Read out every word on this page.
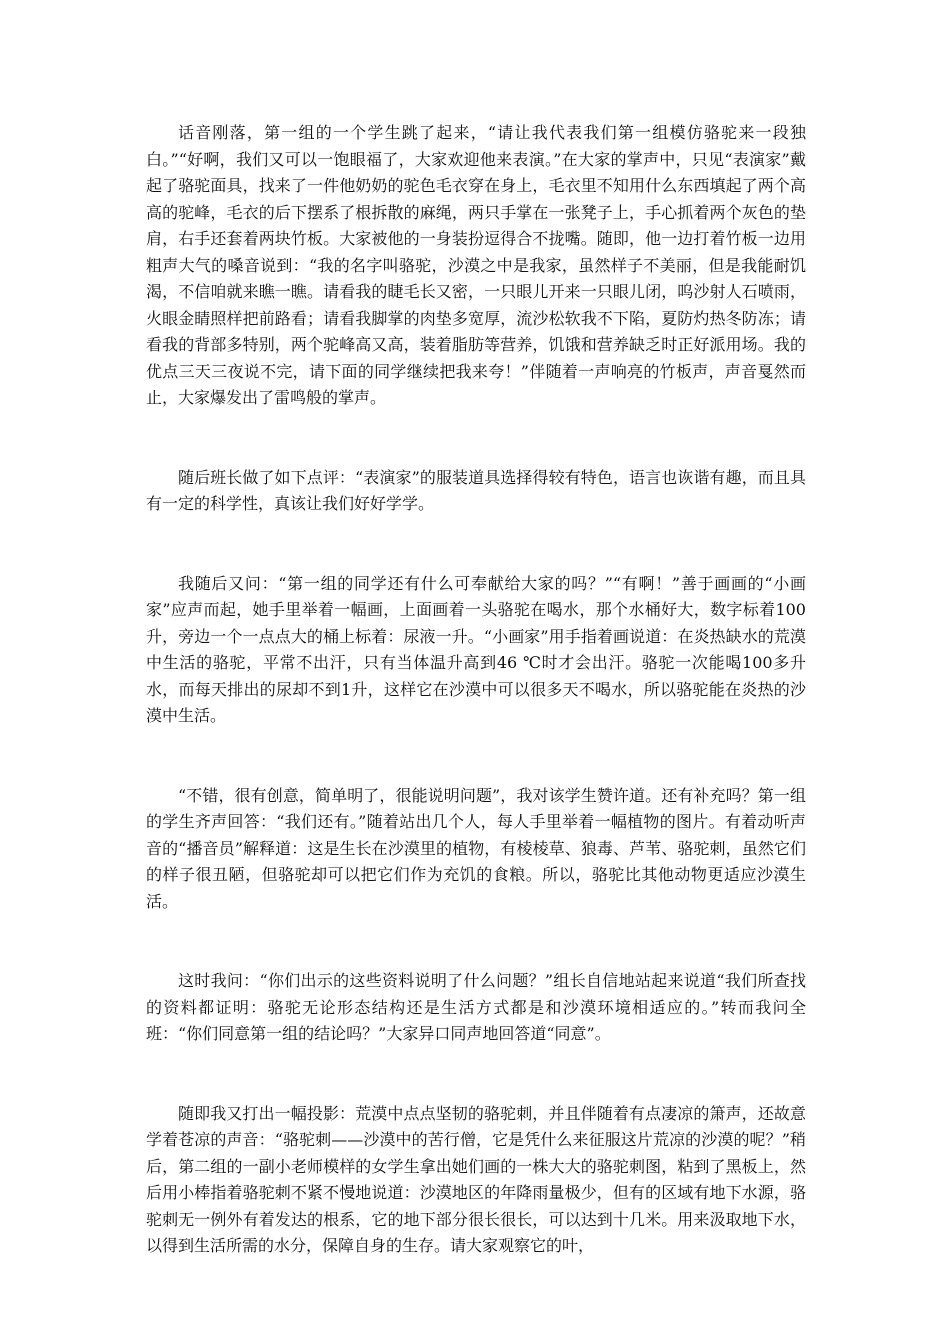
话音刚落，第一组的一个学生跳了起来，“请让我代表我们第一组模仿骆驼来一段独白。”“好啊，我们又可以一饱眼福了，大家欢迎他来表演。”在大家的掌声中，只见“表演家”戴起了骆驼面具，找来了一件他奶奶的驼色毛衣穿在身上，毛衣里不知用什么东西填起了两个高高的驼峰，毛衣的后下摆系了根拆散的麻绳，两只手掌在一张凳子上，手心抓着两个灰色的垫肩，右手还套着两块竹板。大家被他的一身装扮逗得合不拢嘴。随即，他一边打着竹板一边用粗声大气的嗓音说到：“我的名字叫骆驼，沙漠之中是我家，虽然样子不美丽，但是我能耐饥渴，不信咱就来瞧一瞧。请看我的睫毛长又密，一只眼儿开来一只眼儿闭，呜沙射人石喷雨，火眼金睛照样把前路看；请看我脚掌的肉垫多宽厚，流沙松软我不下陷，夏防灼热冬防冻；请看我的背部多特别，两个驼峰高又高，装着脂肪等营养，饥饿和营养缺乏时正好派用场。我的优点三天三夜说不完，请下面的同学继续把我来夸！”伴随着一声响亮的竹板声，声音戛然而止，大家爆发出了雷鸣般的掌声。

随后班长做了如下点评：“表演家”的服装道具选择得较有特色，语言也诙谐有趣，而且具有一定的科学性，真该让我们好好学学。

我随后又问：“第一组的同学还有什么可奉献给大家的吗？”“有啊！”善于画画的“小画家”应声而起，她手里举着一幅画，上面画着一头骆驼在喝水，那个水桶好大，数字标着100升，旁边一个一点点大的桶上标着：尿液一升。“小画家”用手指着画说道：在炎热缺水的荒漠中生活的骆驼，平常不出汗，只有当体温升高到46 ℃时才会出汗。骆驼一次能喝100多升水，而每天排出的尿却不到1升，这样它在沙漠中可以很多天不喝水，所以骆驼能在炎热的沙漠中生活。

“不错，很有创意，简单明了，很能说明问题”，我对该学生赞许道。还有补充吗？第一组的学生齐声回答：“我们还有。”随着站出几个人，每人手里举着一幅植物的图片。有着动听声音的“播音员”解释道：这是生长在沙漠里的植物，有棱棱草、狼毒、芦苇、骆驼刺，虽然它们的样子很丑陋，但骆驼却可以把它们作为充饥的食粮。所以，骆驼比其他动物更适应沙漠生活。

这时我问：“你们出示的这些资料说明了什么问题？”组长自信地站起来说道“我们所查找的资料都证明：骆驼无论形态结构还是生活方式都是和沙漠环境相适应的。”转而我问全班：“你们同意第一组的结论吗？”大家异口同声地回答道“同意”。

随即我又打出一幅投影：荒漠中点点坚韧的骆驼刺，并且伴随着有点凄凉的箫声，还故意学着苍凉的声音：“骆驼刺——沙漠中的苦行僧，它是凭什么来征服这片荒凉的沙漠的呢？”稍后，第二组的一副小老师模样的女学生拿出她们画的一株大大的骆驼刺图，粘到了黑板上，然后用小棒指着骆驼刺不紧不慢地说道：沙漠地区的年降雨量极少，但有的区域有地下水源，骆驼刺无一例外有着发达的根系，它的地下部分很长很长，可以达到十几米。用来汲取地下水，以得到生活所需的水分，保障自身的生存。请大家观察它的叶，
